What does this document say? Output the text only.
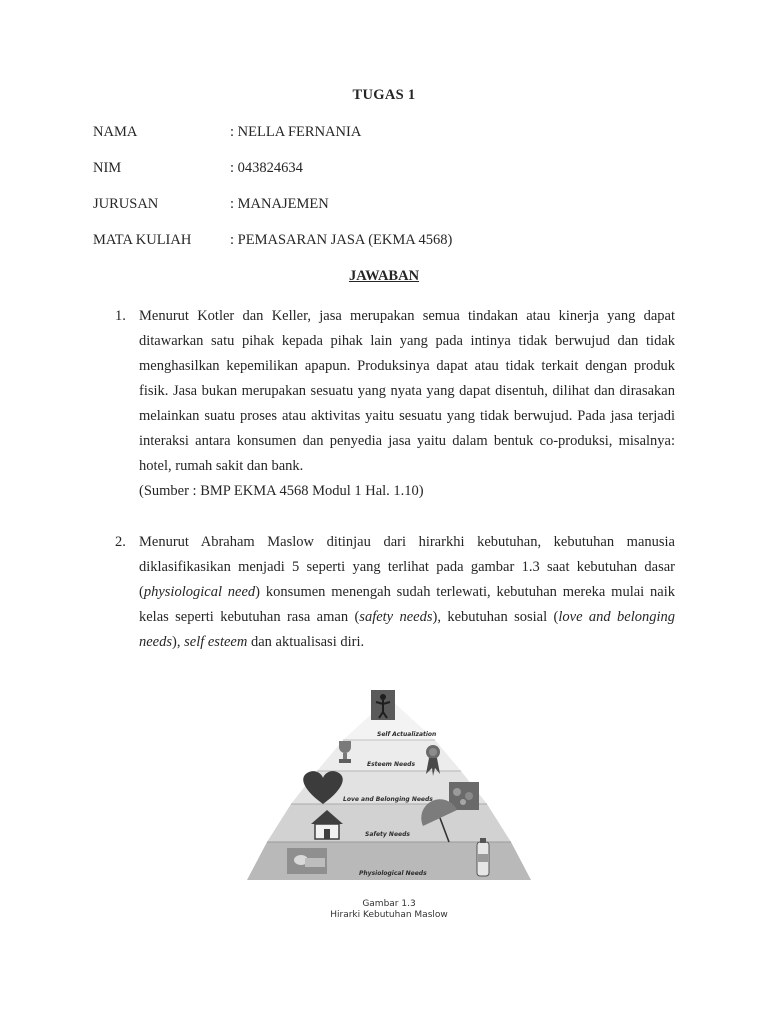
TUGAS 1
NAMA	: NELLA FERNANIA
NIM	: 043824634
JURUSAN	: MANAJEMEN
MATA KULIAH	: PEMASARAN JASA (EKMA 4568)
JAWABAN
1. Menurut Kotler dan Keller, jasa merupakan semua tindakan atau kinerja yang dapat ditawarkan satu pihak kepada pihak lain yang pada intinya tidak berwujud dan tidak menghasilkan kepemilikan apapun. Produksinya dapat atau tidak terkait dengan produk fisik. Jasa bukan merupakan sesuatu yang nyata yang dapat disentuh, dilihat dan dirasakan melainkan suatu proses atau aktivitas yaitu sesuatu yang tidak berwujud. Pada jasa terjadi interaksi antara konsumen dan penyedia jasa yaitu dalam bentuk co-produksi, misalnya: hotel, rumah sakit dan bank.
(Sumber : BMP EKMA 4568 Modul 1 Hal. 1.10)
2. Menurut Abraham Maslow ditinjau dari hirarkhi kebutuhan, kebutuhan manusia diklasifikasikan menjadi 5 seperti yang terlihat pada gambar 1.3 saat kebutuhan dasar (physiological need) konsumen menengah sudah terlewati, kebutuhan mereka mulai naik kelas seperti kebutuhan rasa aman (safety needs), kebutuhan sosial (love and belonging needs), self esteem dan aktualisasi diri.
Self Actualization
Esteem Needs
Love and Belonging Needs
Safety Needs
Physiological Needs
Gambar 1.3
Hirarki Kebutuhan Maslow
